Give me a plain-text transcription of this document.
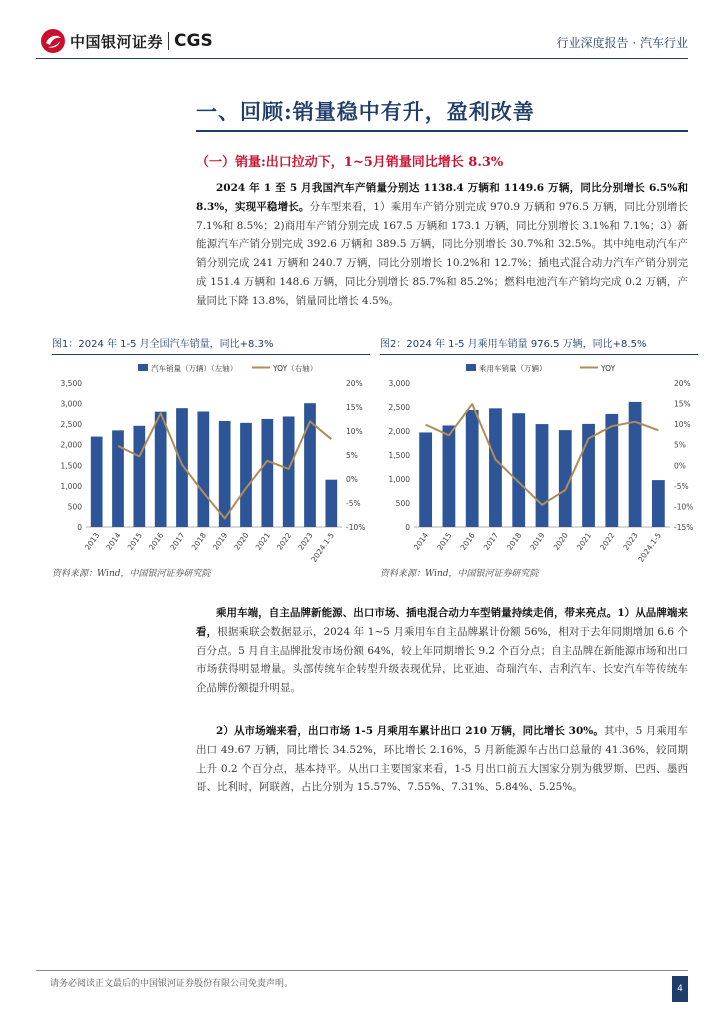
中国银河证券 CGS	行业深度报告 · 汽车行业
一、回顾:销量稳中有升，盈利改善
（一）销量:出口拉动下，1~5月销量同比增长 8.3%
2024 年 1 至 5 月我国汽车产销量分别达 1138.4 万辆和 1149.6 万辆，同比分别增长 6.5%和 8.3%，实现平稳增长。分车型来看，1）乘用车产销分别完成 970.9 万辆和 976.5 万辆，同比分别增长 7.1%和 8.5%；2)商用车产销分别完成 167.5 万辆和 173.1 万辆，同比分别增长 3.1%和 7.1%；3）新能源汽车产销分别完成 392.6 万辆和 389.5 万辆，同比分别增长 30.7%和 32.5%。其中纯电动汽车产销分别完成 241 万辆和 240.7 万辆，同比分别增长 10.2%和 12.7%；插电式混合动力汽车产销分别完成 151.4 万辆和 148.6 万辆，同比分别增长 85.7%和 85.2%；燃料电池汽车产销均完成 0.2 万辆，产量同比下降 13.8%，销量同比增长 4.5%。
图1：2024 年 1-5 月全国汽车销量，同比+8.3%
汽车销量（万辆）（左轴）	YOY（右轴）
0
500
1,000
1,500
2,000
2,500
3,000
3,500
-10%
-5%
0%
5%
10%
15%
20%
2013 2014 2015 2016 2017 2018 2019 2020 2021 2022 2023
2024.1-5
资料来源：Wind，中国银河证券研究院
图2：2024 年 1-5 月乘用车销量 976.5 万辆，同比+8.5%
乘用车销量（万辆）	YOY
0
500
1,000
1,500
2,000
2,500
3,000
-15%
-10%
-5%
0%
5%
10%
15%
20%
2014 2015 2016 2017 2018 2019 2020 2021 2022 2023
2024.1-5
资料来源：Wind，中国银河证券研究院
乘用车端，自主品牌新能源、出口市场、插电混合动力车型销量持续走俏，带来亮点。1）从品牌端来看，根据乘联会数据显示，2024 年 1~5 月乘用车自主品牌累计份额 56%，相对于去年同期增加 6.6 个百分点。5 月自主品牌批发市场份额 64%，较上年同期增长 9.2 个百分点；自主品牌在新能源市场和出口市场获得明显增量。头部传统车企转型升级表现优异，比亚迪、奇瑞汽车、吉利汽车、长安汽车等传统车企品牌份额提升明显。
2）从市场端来看，出口市场 1-5 月乘用车累计出口 210 万辆，同比增长 30%。其中，5 月乘用车出口 49.67 万辆，同比增长 34.52%，环比增长 2.16%，5 月新能源车占出口总量的 41.36%，较同期上升 0.2 个百分点，基本持平。从出口主要国家来看，1-5 月出口前五大国家分别为俄罗斯、巴西、墨西哥、比利时，阿联酋，占比分别为 15.57%、7.55%、7.31%、5.84%、5.25%。
请务必阅读正文最后的中国银河证券股份有限公司免责声明。	4
